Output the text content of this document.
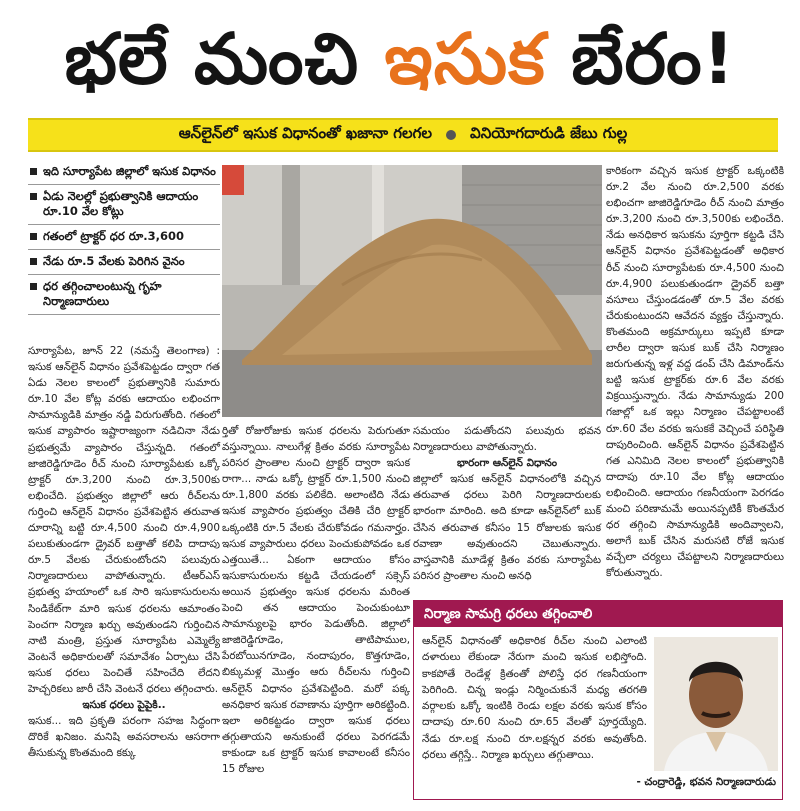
భలే మంచి ఇసుక బేరం!
ఆన్‌లైన్‌లో ఇసుక విధానంతో ఖజానా గలగల	వినియోగదారుడి జేబు గుల్ల
ఇది సూర్యాపేట జిల్లాలో ఇసుక విధానం
ఏడు నెలల్లో ప్రభుత్వానికి ఆదాయం రూ.10 వేల కోట్లు
గతంలో ట్రాక్టర్ ధర రూ.3,600
నేడు రూ.5 వేలకు పెరిగిన వైనం
ధర తగ్గించాలంటున్న గృహ నిర్మాణదారులు

సూర్యాపేట, జూన్ 22 (నమస్తే తెలంగాణ) : ఇసుక ఆన్‌లైన్ విధానం ప్రవేశపెట్టడం ద్వారా గత ఏడు నెలల కాలంలో ప్రభుత్వానికి సుమారు రూ.10 వేల కోట్ల వరకు ఆదాయం లభించగా సామాన్యుడికి మాత్రం నడ్డి విరుగుతోంది. గతంలో ఇసుక వ్యాపారం ఇష్టారాజ్యంగా నడిచినా నేడు ప్రభుత్వమే వ్యాపారం చేస్తున్నది. గతంలో జాజిరెడ్డిగూడెం రీచ్ నుంచి సూర్యాపేటకు ఒక్కో ట్రాక్టర్ రూ.3,200 నుంచి రూ.3,500కు లభించేది. ప్రభుత్వం జిల్లాలో ఆరు రీచ్‌లను గుర్తించి ఆన్‌లైన్ విధానం ప్రవేశపెట్టిన తరువాత దూరాన్ని బట్టి రూ.4,500 నుంచి రూ.4,900 పలుకుతుండగా డ్రైవర్ బత్తాతో కలిపి దాదాపు రూ.5 వేలకు చేరుకుంటోందని పలువురు నిర్మాణదారులు వాపోతున్నారు. టీఆర్‌ఎస్ ప్రభుత్వ హయాంలో ఒక సారి ఇసుకాసురులను సిండికేట్‌గా మారి ఇసుక ధరలను ఆమాంతం పెంచగా నిర్మాణ ఖర్చు అవుతుండని గుర్తించిన నాటి మంత్రి, ప్రస్తుత సూర్యాపేట ఎమ్మెల్యే వెంటనే అధికారులతో సమావేశం ఏర్పాటు చేసి ఇసుక ధరలు పెంచితే సహించేది లేదని హెచ్చరికలు జారీ చేసి వెంటనే ధరలు తగ్గించారు.

ఇసుక ధరలు పైపైకి..

ఇసుక... ఇది ప్రకృతి పరంగా సహజ సిద్ధంగా దొరికే ఖనిజం. మనిషి అవసరాలను ఆసరాగా తీసుకున్న కొంతమంది కక్కు

ర్తితో రోజురోజుకు ఇసుక ధరలను పెరుగుతూ వస్తున్నాయి. నాలుగేళ్ల క్రితం వరకు సూర్యాపేట పరిసర ప్రాంతాల నుంచి ట్రాక్టర్ ద్వారా ఇసుక రాగా... నాడు ఒక్కో ట్రాక్టర్ రూ.1,500 నుంచి రూ.1,800 వరకు పలికేది. అలాంటిది నేడు ఇసుక వ్యాపారం ప్రభుత్వం చేతికి చేరి ట్రాక్టర్ ఒక్కంటికి రూ.5 వేలకు చేరుకోవడం గమనార్హం. ఇసుక వ్యాపారులు ధరలు పెంచుకుపోవడం ఒక ఎత్తయితే... ఏకంగా ఆదాయం కోసం ఇసుకాసురులను కట్టడి చేయడంలో సక్సెస్ అయిన ప్రభుత్వం ఇసుక ధరలను మరింత పెంచి తన ఆదాయం పెంచుకుంటూ సామాన్యులపై భారం పెడుతోంది. జిల్లాలో జాజిరెడ్డిగూడెం, తాటిపాముల, పేరబోయినగూడెం, నందాపురం, కొత్తగూడెం, బిక్కుమళ్ల మొత్తం ఆరు రీచ్‌లను గుర్తించి ఆన్‌లైన్ విధానం ప్రవేశపెట్టింది. మరో పక్క అనధికార ఇసుక రవాణాను పూర్తిగా అరికట్టింది. ఇలా అరికట్టడం ద్వారా ఇసుక ధరలు తగ్గుతాయని అనుకుంటే ధరలు పెరగడమే కాకుండా ఒక ట్రాక్టర్ ఇసుక కావాలంటే కనీసం 15 రోజుల

సమయం పడుతోందని పలువురు భవన నిర్మాణదారులు వాపోతున్నారు.

భారంగా ఆన్‌లైన్ విధానం

జిల్లాలో ఇసుక ఆన్‌లైన్ విధానంలోకి వచ్చిన తరువాత ధరలు పెరిగి నిర్మాణదారులకు భారంగా మారింది. అది కూడా ఆన్‌లైన్‌లో బుక్ చేసిన తరువాత కనీసం 15 రోజులకు ఇసుక రవాణా అవుతుందని చెబుతున్నారు. వాస్తవానికి మూడేళ్ల క్రితం వరకు సూర్యాపేట పరిసర ప్రాంతాల నుంచి అనధి

కారికంగా వచ్చిన ఇసుక ట్రాక్టర్ ఒక్కంటికి రూ.2 వేల నుంచి రూ.2,500 వరకు లభించగా జాజిరెడ్డిగూడెం రీచ్ నుంచి మాత్రం రూ.3,200 నుంచి రూ.3,500కు లభించేది. నేడు అనధికార ఇసుకను పూర్తిగా కట్టడి చేసి ఆన్‌లైన్ విధానం ప్రవేశపెట్టడంతో అధికార రీచ్ నుంచి సూర్యాపేటకు రూ.4,500 నుంచి రూ.4,900 పలుకుతుండగా డ్రైవర్ బత్తా వసూలు చేస్తుండడంతో రూ.5 వేల వరకు చేరుకుంటుందని ఆవేదన వ్యక్తం చేస్తున్నారు. కొంతమంది అక్రమార్కులు ఇప్పటి కూడా లారీల ద్వారా ఇసుక బుక్ చేసి నిర్మాణం జరుగుతున్న ఇళ్ల వద్ద డంప్ చేసి డిమాండ్‌ను బట్టి ఇసుక ట్రాక్టర్‌కు రూ.6 వేల వరకు విక్రయిస్తున్నారు. నేడు సామాన్యుడు 200 గజాల్లో ఒక ఇల్లు నిర్మాణం చేపట్టాలంటే రూ.60 వేల వరకు ఇసుకకే వెచ్చించే పరిస్థితి దాపురించింది. ఆన్‌లైన్ విధానం ప్రవేశపెట్టిన గత ఎనిమిది నెలల కాలంలో ప్రభుత్వానికి దాదాపు రూ.10 వేల కోట్ల ఆదాయం లభించింది. ఆదాయం గణనీయంగా పెరగడం మంచి పరిణామమే అయినప్పటికీ కొంతమేర ధర తగ్గించి సామాన్యుడికి అందివ్వాలని, అలాగే బుక్ చేసిన మరుసటి రోజే ఇసుక వచ్చేలా చర్యలు చేపట్టాలని నిర్మాణదారులు కోరుతున్నారు.

నిర్మాణ సామగ్రి ధరలు తగ్గించాలి
ఆన్‌లైన్ విధానంతో అధికారిక రీచ్‌ల నుంచి ఎలాంటి దళారులు లేకుండా నేరుగా మంచి ఇసుక లభిస్తోంది. కాకపోతే రెండేళ్ల క్రితంతో పోలిస్తే ధర గణనీయంగా పెరిగింది. చిన్న ఇండ్లు నిర్మించుకునే మధ్య తరగతి వర్గాలకు ఒక్కో ఇంటికి రెండు లక్షల వరకు ఇసుక కోసం దాదాపు రూ.60 నుంచి రూ.65 వేలతో పూర్తయ్యేది. నేడు రూ.లక్ష నుంచి రూ.లక్షన్నర వరకు అవుతోంది. ధరలు తగ్గిస్తే.. నిర్మాణ ఖర్చులు తగ్గుతాయి.
- చంద్రారెడ్డి, భవన నిర్మాణదారుడు
